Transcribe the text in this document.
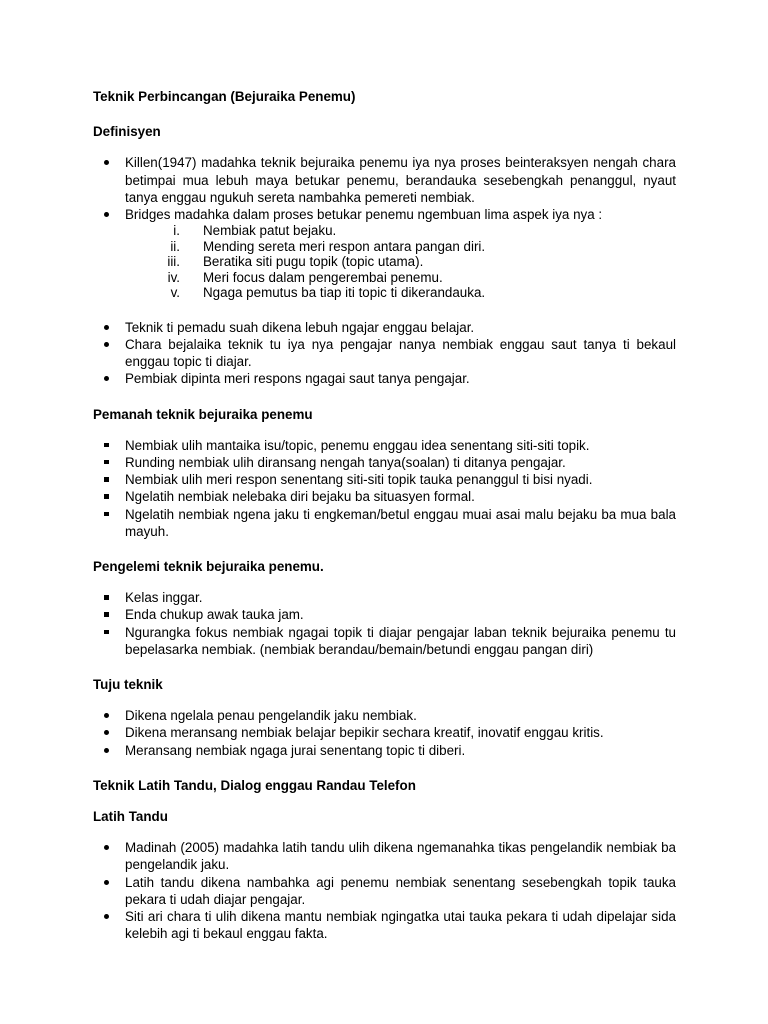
Teknik Perbincangan (Bejuraika Penemu)
Definisyen
Killen(1947) madahka teknik bejuraika penemu iya nya proses beinteraksyen nengah chara betimpai mua lebuh maya betukar penemu, berandauka sesebengkah penanggul, nyaut tanya enggau ngukuh sereta nambahka pemereti nembiak.
Bridges madahka dalam proses betukar penemu ngembuan lima aspek iya nya :
i. Nembiak patut bejaku.
ii. Mending sereta meri respon antara pangan diri.
iii. Beratika siti pugu topik (topic utama).
iv. Meri focus dalam pengerembai penemu.
v. Ngaga pemutus ba tiap iti topic ti dikerandauka.
Teknik ti pemadu suah dikena lebuh ngajar enggau belajar.
Chara bejalaika teknik tu iya nya pengajar nanya nembiak enggau saut tanya ti bekaul enggau topic ti diajar.
Pembiak dipinta meri respons ngagai saut tanya pengajar.
Pemanah teknik bejuraika penemu
Nembiak ulih mantaika isu/topic, penemu enggau idea senentang siti-siti topik.
Runding nembiak ulih diransang nengah tanya(soalan) ti ditanya pengajar.
Nembiak ulih meri respon senentang siti-siti topik tauka penanggul ti bisi nyadi.
Ngelatih nembiak nelebaka diri bejaku ba situasyen formal.
Ngelatih nembiak ngena jaku ti engkeman/betul enggau muai asai malu bejaku ba mua bala mayuh.
Pengelemi teknik bejuraika penemu.
Kelas inggar.
Enda chukup awak tauka jam.
Ngurangka fokus nembiak ngagai topik ti diajar pengajar laban teknik bejuraika penemu tu bepelasarka nembiak. (nembiak berandau/bemain/betundi enggau pangan diri)
Tuju teknik
Dikena ngelala penau pengelandik jaku nembiak.
Dikena meransang nembiak belajar bepikir sechara kreatif, inovatif enggau kritis.
Meransang nembiak ngaga jurai senentang topic ti diberi.
Teknik Latih Tandu, Dialog enggau Randau Telefon
Latih Tandu
Madinah (2005) madahka latih tandu ulih dikena ngemanahka tikas pengelandik nembiak ba pengelandik jaku.
Latih tandu dikena nambahka agi penemu nembiak senentang sesebengkah topik tauka pekara ti udah diajar pengajar.
Siti ari chara ti ulih dikena mantu nembiak ngingatka utai tauka pekara ti udah dipelajar sida kelebih agi ti bekaul enggau fakta.
